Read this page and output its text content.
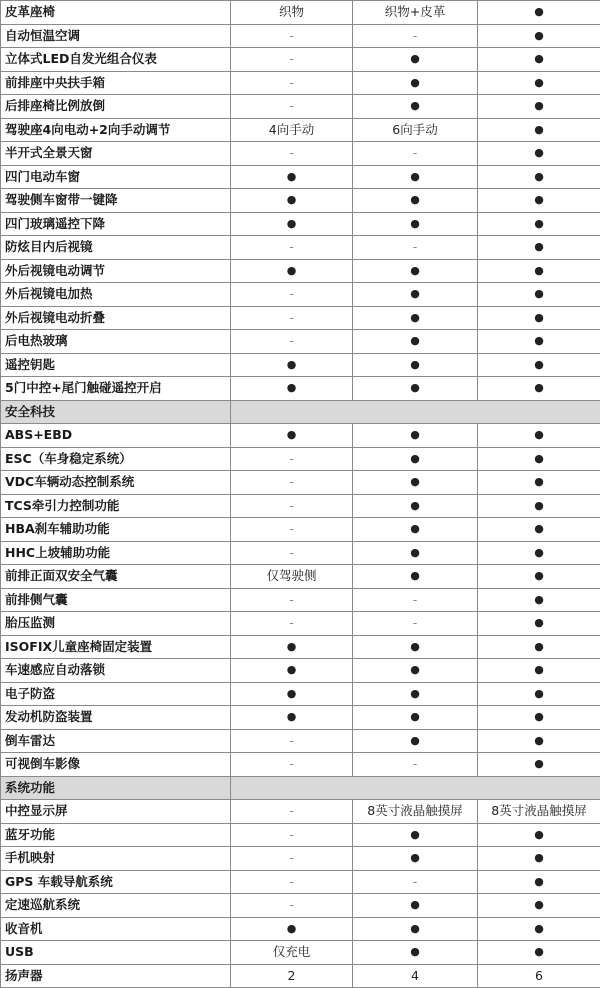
皮革座椅	织物	织物+皮革	●
自动恒温空调	-	-	●
立体式LED自发光组合仪表	-	●	●
前排座中央扶手箱	-	●	●
后排座椅比例放倒	-	●	●
驾驶座4向电动+2向手动调节	4向手动	6向手动	●
半开式全景天窗	-	-	●
四门电动车窗	●	●	●
驾驶侧车窗带一键降	●	●	●
四门玻璃遥控下降	●	●	●
防炫目内后视镜	-	-	●
外后视镜电动调节	●	●	●
外后视镜电加热	-	●	●
外后视镜电动折叠	-	●	●
后电热玻璃	-	●	●
遥控钥匙	●	●	●
5门中控+尾门触碰遥控开启	●	●	●
安全科技			
ABS+EBD	●	●	●
ESC（车身稳定系统）	-	●	●
VDC车辆动态控制系统	-	●	●
TCS牵引力控制功能	-	●	●
HBA刹车辅助功能	-	●	●
HHC上坡辅助功能	-	●	●
前排正面双安全气囊	仅驾驶侧	●	●
前排侧气囊	-	-	●
胎压监测	-	-	●
ISOFIX儿童座椅固定装置	●	●	●
车速感应自动落锁	●	●	●
电子防盗	●	●	●
发动机防盗装置	●	●	●
倒车雷达	-	●	●
可视倒车影像	-	-	●
系统功能			
中控显示屏	-	8英寸液晶触摸屏	8英寸液晶触摸屏
蓝牙功能	-	●	●
手机映射	-	●	●
GPS 车载导航系统	-	-	●
定速巡航系统	-	●	●
收音机	●	●	●
USB	仅充电	●	●
扬声器	2	4	6
